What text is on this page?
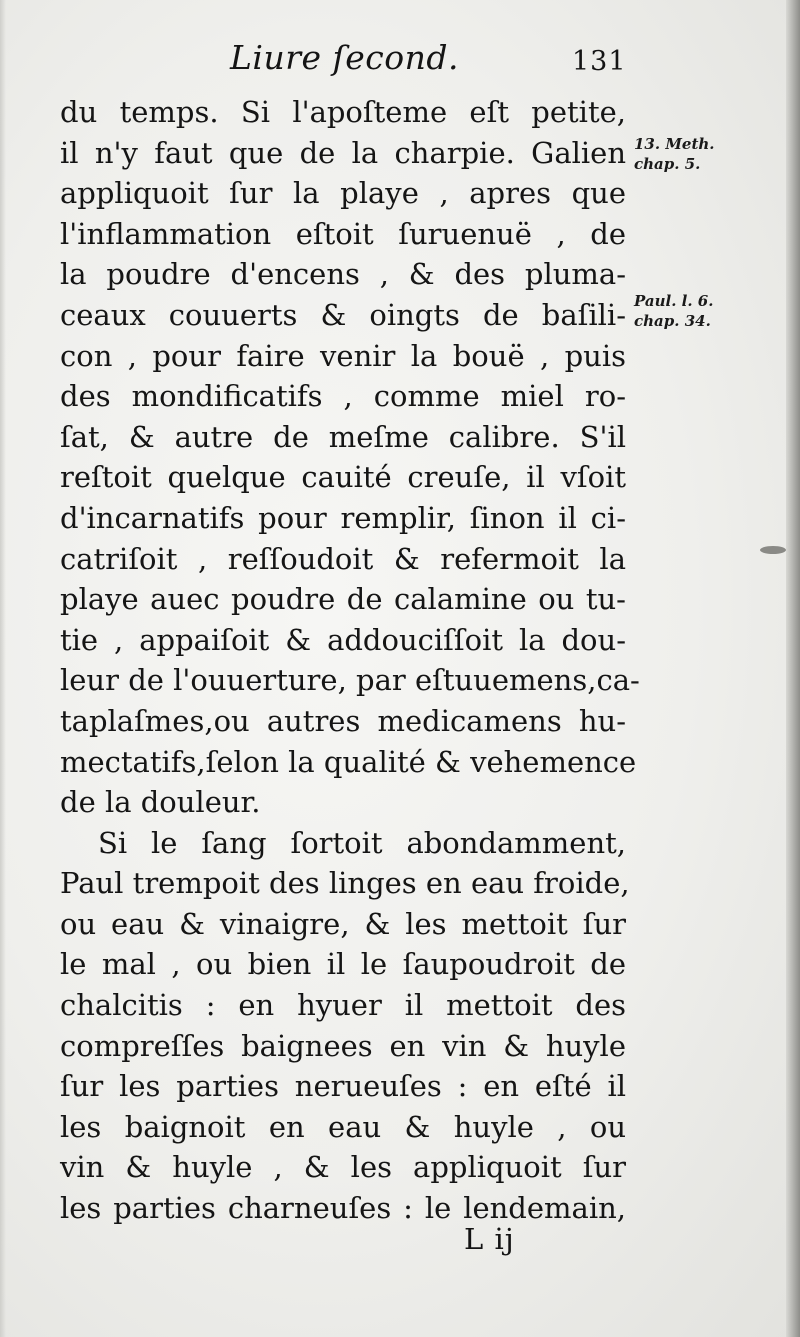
Liure ſecond.	131
du temps. Si l'apoſteme eſt petite,
il n'y faut que de la charpie. Galien
appliquoit ſur la playe , apres que
l'inflammation eſtoit ſuruenuë , de
la poudre d'encens , & des pluma-
ceaux couuerts & oingts de baſili-
con , pour faire venir la bouë , puis
des mondificatifs , comme miel ro-
ſat, & autre de meſme calibre. S'il
reſtoit quelque cauité creuſe, il vſoit
d'incarnatifs pour remplir, ſinon il ci-
catriſoit , reſſoudoit & refermoit la
playe auec poudre de calamine ou tu-
tie , appaiſoit & addouciſſoit la dou-
leur de l'ouuerture, par eſtuuemens,ca-
taplaſmes,ou autres medicamens hu-
mectatifs,ſelon la qualité & vehemence
de la douleur.
Si le ſang ſortoit abondamment,
Paul trempoit des linges en eau froide,
ou eau & vinaigre, & les mettoit ſur
le mal , ou bien il le ſaupoudroit de
chalcitis : en hyuer il mettoit des
compreſſes baignees en vin & huyle
ſur les parties nerueuſes : en eſté il
les baignoit en eau & huyle , ou
vin & huyle , & les appliquoit ſur
les parties charneuſes : le lendemain,
13. Meth.
chap. 5.
Paul. l. 6.
chap. 34.
L ij
